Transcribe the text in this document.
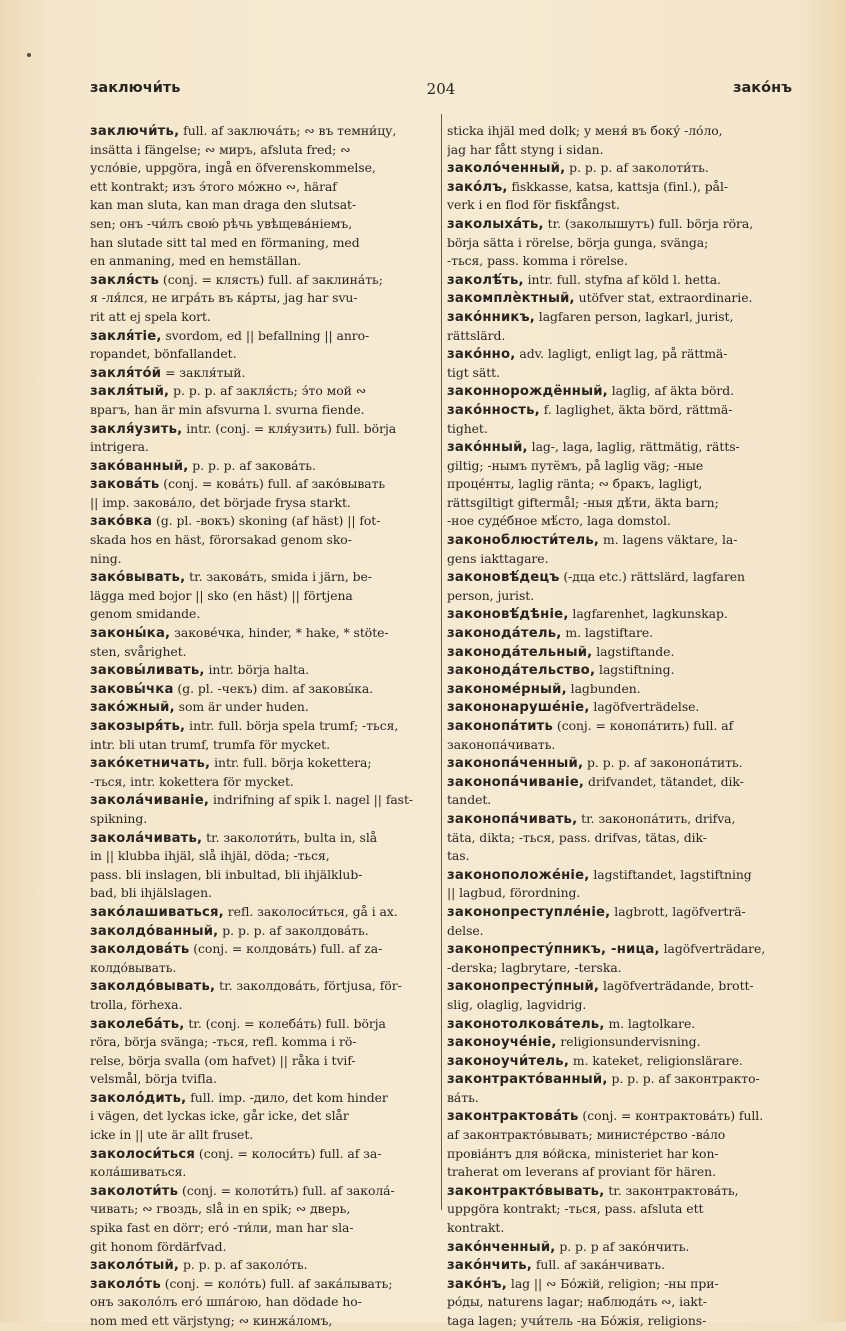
заключи́ть	204	зако́нъ
заключи́ть, full. af заключа́ть; ∾ въ темни́цу,
insätta i fängelse; ∾ миръ, afsluta fred; ∾
усло́віе, uppgöra, ingå en öfverenskommelse,
ett kontrakt; изъ э́того мо́жно ∾, häraf
kan man sluta, kan man draga den slutsat-
sen; онъ -чи́лъ свою́ рѣчь увѣщева́ніемъ,
han slutade sitt tal med en förmaning, med
en anmaning, med en hemställan.
закля́сть (conj. = клясть) full. af заклина́ть;
я -ля́лся, не игра́ть въ ка́рты, jag har svu-
rit att ej spela kort.
закля́тіе, svordom, ed || befallning || anro-
ropandet, bönfallandet.
закля́то́й = закля́тый.
закля́тый, p. p. p. af закля́сть; э́то мой ∾
врагъ, han är min afsvurna l. svurna fiende.
закля́узить, intr. (conj. = кля́узить) full. börja
intrigera.
зако́ванный, p. p. p. af закова́ть.
закова́ть (conj. = кова́ть) full. af зако́вывать
|| imp. закова́ло, det började frysa starkt.
зако́вка (g. pl. -вокъ) skoning (af häst) || fot-
skada hos en häst, förorsakad genom sko-
ning.
зако́вывать, tr. закова́ть, smida i järn, be-
lägga med bojor || sko (en häst) || förtjena
genom smidande.
законы́ка, закове́чка, hinder, * hake, * stöte-
sten, svårighet.
заковы́ливать, intr. börja halta.
заковы́чка (g. pl. -чекъ) dim. af заковы́ка.
зако́жный, som är under huden.
закозыря́ть, intr. full. börja spela trumf; -ться,
intr. bli utan trumf, trumfa för mycket.
зако́кетничать, intr. full. börja kokettera;
-ться, intr. kokettera för mycket.
закола́чиваніе, indrifning af spik l. nagel || fast-
spikning.
закола́чивать, tr. заколоти́ть, bulta in, slå
in || klubba ihjäl, slå ihjäl, döda; -ться,
pass. bli inslagen, bli inbultad, bli ihjälklub-
bad, bli ihjälslagen.
зако́лашиваться, refl. заколоси́ться, gå i ax.
заколдо́ванный, p. p. p. af заколдова́ть.
заколдова́ть (conj. = колдова́ть) full. af za-
колдо́вывать.
заколдо́вывать, tr. заколдова́ть, förtjusa, för-
trolla, förhexa.
заколеба́ть, tr. (conj. = колеба́ть) full. börja
röra, börja svänga; -ться, refl. komma i rö-
relse, börja svalla (om hafvet) || råka i tvif-
velsmål, börja tvifla.
заколо́дить, full. imp. -дило, det kom hinder
i vägen, det lyckas icke, går icke, det slår
icke in || ute är allt fruset.
заколоси́ться (conj. = колоси́ть) full. af за-
кола́шиваться.
заколоти́ть (conj. = колоти́ть) full. af закола́-
чивать; ∾ гвоздь, slå in en spik; ∾ дверь,
spika fast en dörr; его́ -ти́ли, man har sla-
git honom fördärfvad.
заколо́тый, p. p. p. af заколо́ть.
заколо́ть (conj. = коло́ть) full. af зака́лывать;
онъ заколо́лъ его́ шпа́гою, han dödade ho-
nom med ett värjstyng; ∾ кинжа́ломъ,
sticka ihjäl med dolk; у меня́ въ боку́ -ло́ло,
jag har fått styng i sidan.
заколо́ченный, p. p. p. af заколоти́ть.
зако́лъ, fiskkasse, katsa, kattsja (finl.), pål-
verk i en flod för fiskfångst.
заколыха́ть, tr. (заколышутъ) full. börja röra,
börja sätta i rörelse, börja gunga, svänga;
-ться, pass. komma i rörelse.
заколѣ́ть, intr. full. styfna af köld l. hetta.
закомплѐктный, utöfver stat, extraordinarie.
зако́нникъ, lagfaren person, lagkarl, jurist,
rättslärd.
зако́нно, adv. lagligt, enligt lag, på rättmä-
tigt sätt.
законнорождённый, laglig, af äkta börd.
зако́нность, f. laglighet, äkta börd, rättmä-
tighet.
зако́нный, lag-, laga, laglig, rättmätig, rätts-
giltig; -нымъ путёмъ, på laglig väg; -ные
проце́нты, laglig ränta; ∾ бракъ, lagligt,
rättsgiltigt giftermål; -ныя дѣ́ти, äkta barn;
-ное суде́бное мѣ́сто, laga domstol.
законоблюсти́тель, m. lagens väktare, la-
gens iakttagare.
законовѣ́децъ (-дца etc.) rättslärd, lagfaren
person, jurist.
законовѣ́дѣніе, lagfarenhet, lagkunskap.
законода́тель, m. lagstiftare.
законода́тельный, lagstiftande.
законода́тельство, lagstiftning.
закономе́рный, lagbunden.
закононаруше́ніе, lagöfverträdelse.
законопа́тить (conj. = конопа́тить) full. af
законопа́чивать.
законопа́ченный, p. p. p. af законопа́тить.
законопа́чиваніе, drifvandet, tätandet, dik-
tandet.
законопа́чивать, tr. законопа́тить, drifva,
täta, dikta; -ться, pass. drifvas, tätas, dik-
tas.
законоположе́ніе, lagstiftandet, lagstiftning
|| lagbud, förordning.
законопреступле́ніе, lagbrott, lagöfverträ-
delse.
законопресту́пникъ, -ница, lagöfverträdare,
-derska; lagbrytare, -terska.
законопресту́пный, lagöfverträdande, brott-
slig, olaglig, lagvidrig.
законотолкова́тель, m. lagtolkare.
законоуче́ніе, religionsundervisning.
законоучи́тель, m. kateket, religionslärare.
законтракто́ванный, p. p. p. af законтракто-
ва́ть.
законтрактова́ть (conj. = контрактова́ть) full.
af законтракто́вывать; министе́рство -ва́ло
провіа́нтъ для во́йска, ministeriet har kon-
traherat om leverans af proviant för hären.
законтракто́вывать, tr. законтрактова́ть,
uppgöra kontrakt; -ться, pass. afsluta ett
kontrakt.
зако́нченный, p. p. p af зако́нчить.
зако́нчить, full. af зака́нчивать.
зако́нъ, lag || ∾ Бо́жій, religion; -ны при-
ро́ды, naturens lagar; наблюда́ть ∾, iakt-
taga lagen; учи́тель -на Бо́жія, religions-
